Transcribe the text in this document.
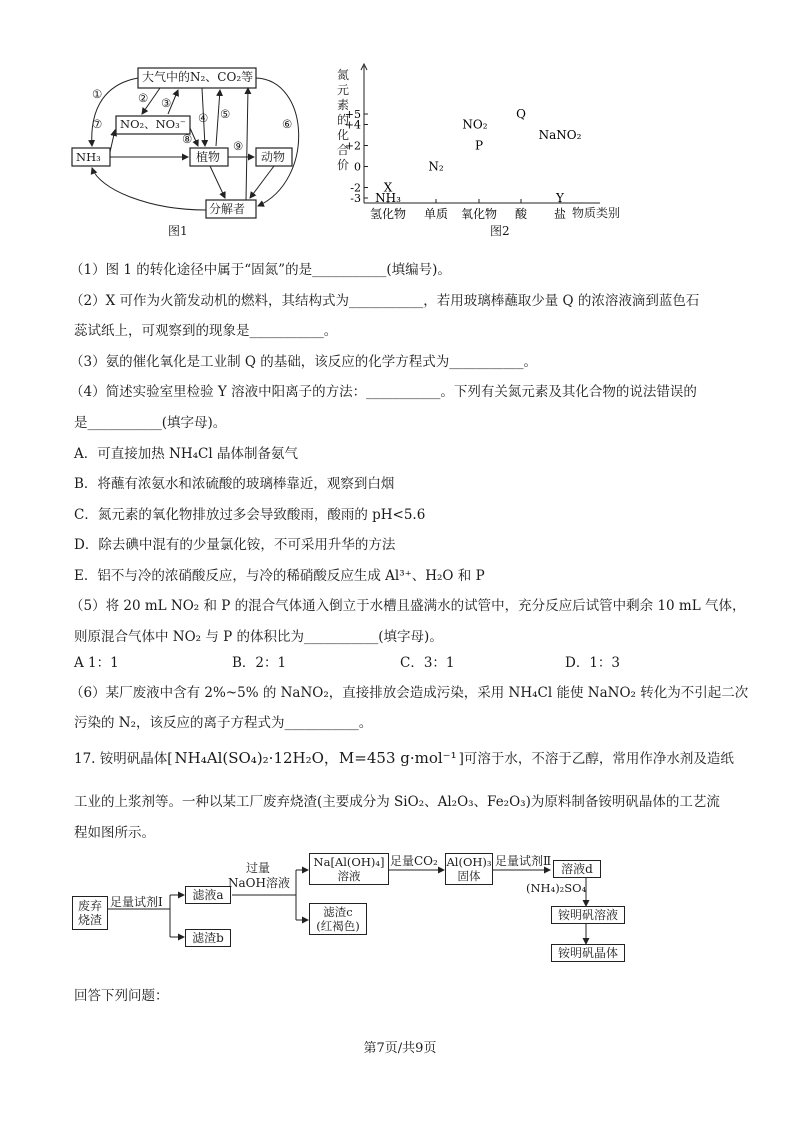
大气中的N₂、CO₂等
NO₂、NO₃⁻
NH₃	植物	动物
分解者
①	② ③
④ ⑤
⑥
⑦
⑧	⑨
图1
+5
+4
+2
0
-2
-3
氢化物 单质 氧化物 酸 盐
X
NH₃
N₂
NO₂
P
Q
NaNO₂
Y
氮元素的化合价
物质类别
图2
（1）图 1 的转化途径中属于“固氮”的是___________(填编号)。
（2）X 可作为火箭发动机的燃料，其结构式为___________，若用玻璃棒蘸取少量 Q 的浓溶液滴到蓝色石
蕊试纸上，可观察到的现象是___________。
（3）氨的催化氧化是工业制 Q 的基础，该反应的化学方程式为___________。
（4）简述实验室里检验 Y 溶液中阳离子的方法：___________。下列有关氮元素及其化合物的说法错误的
是___________(填字母)。
A．可直接加热 NH₄Cl 晶体制备氨气
B．将蘸有浓氨水和浓硫酸的玻璃棒靠近，观察到白烟
C．氮元素的氧化物排放过多会导致酸雨，酸雨的 pH<5.6
D．除去碘中混有的少量氯化铵，不可采用升华的方法
E．铝不与冷的浓硝酸反应，与冷的稀硝酸反应生成 Al³⁺、H₂O 和 P
（5）将 20 mL NO₂ 和 P 的混合气体通入倒立于水槽且盛满水的试管中，充分反应后试管中剩余 10 mL 气体，
则原混合气体中 NO₂ 与 P 的体积比为___________(填字母)。
A 1：1	B．2：1	C．3：1	D．1：3
（6）某厂废液中含有 2%~5% 的 NaNO₂，直接排放会造成污染，采用 NH₄Cl 能使 NaNO₂ 转化为不引起二次
污染的 N₂，该反应的离子方程式为___________。
17. 铵明矾晶体[ NH₄Al(SO₄)₂·12H₂O，M=453 g·mol⁻¹ ]可溶于水，不溶于乙醇，常用作净水剂及造纸
工业的上浆剂等。一种以某工厂废弃烧渣(主要成分为 SiO₂、Al₂O₃、Fe₂O₃)为原料制备铵明矾晶体的工艺流
程如图所示。
废弃
烧渣
足量试剂Ⅰ	滤液a
滤渣b
过量
NaOH溶液
Na[Al(OH)₄]
溶液
滤渣c
(红褐色)
足量CO₂ Al(OH)₃
固体
足量试剂Ⅱ
溶液d
(NH₄)₂SO₄
铵明矾溶液
铵明矾晶体
回答下列问题：
第7页/共9页
